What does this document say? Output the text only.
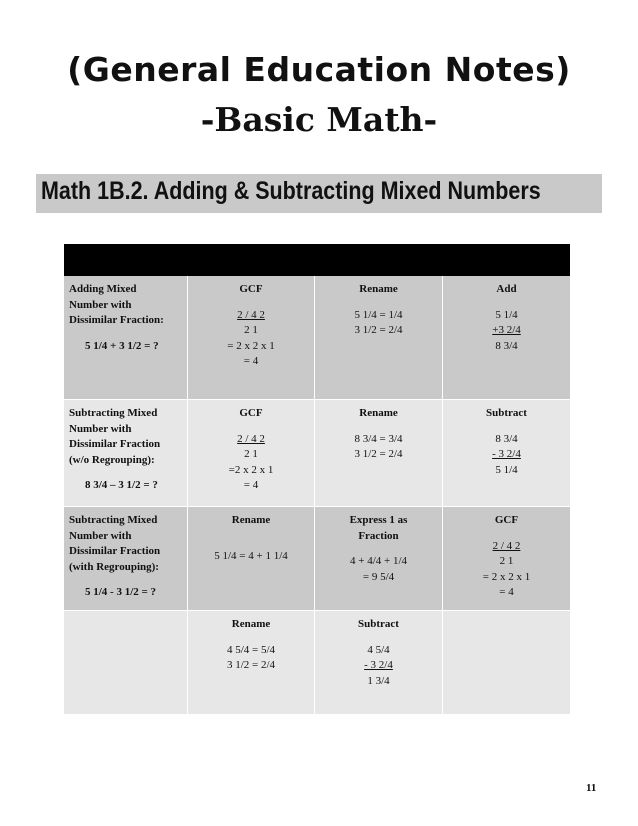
(General Education Notes)
-Basic Math-
Math 1B.2. Adding & Subtracting Mixed Numbers
Adding Mixed
Number with
Dissimilar Fraction:
5 1/4 + 3 1/2 = ?
GCF
2 / 4 2
2 1
= 2 x 2 x 1
= 4
Rename
5 1/4 = 1/4
3 1/2 = 2/4
Add
5 1/4
+3 2/4
8 3/4
Subtracting Mixed
Number with
Dissimilar Fraction
(w/o Regrouping):
8 3/4 – 3 1/2 = ?
GCF
2 / 4 2
2 1
=2 x 2 x 1
= 4
Rename
8 3/4 = 3/4
3 1/2 = 2/4
Subtract
8 3/4
- 3 2/4
5 1/4
Subtracting Mixed
Number with
Dissimilar Fraction
(with Regrouping):
5 1/4 - 3 1/2 = ?
Rename
5 1/4 = 4 + 1 1/4
Express 1 as
Fraction
4 + 4/4 + 1/4
= 9 5/4
GCF
2 / 4 2
2 1
= 2 x 2 x 1
= 4
Rename
4 5/4 = 5/4
3 1/2 = 2/4
Subtract
4 5/4
- 3 2/4
1 3/4
11
